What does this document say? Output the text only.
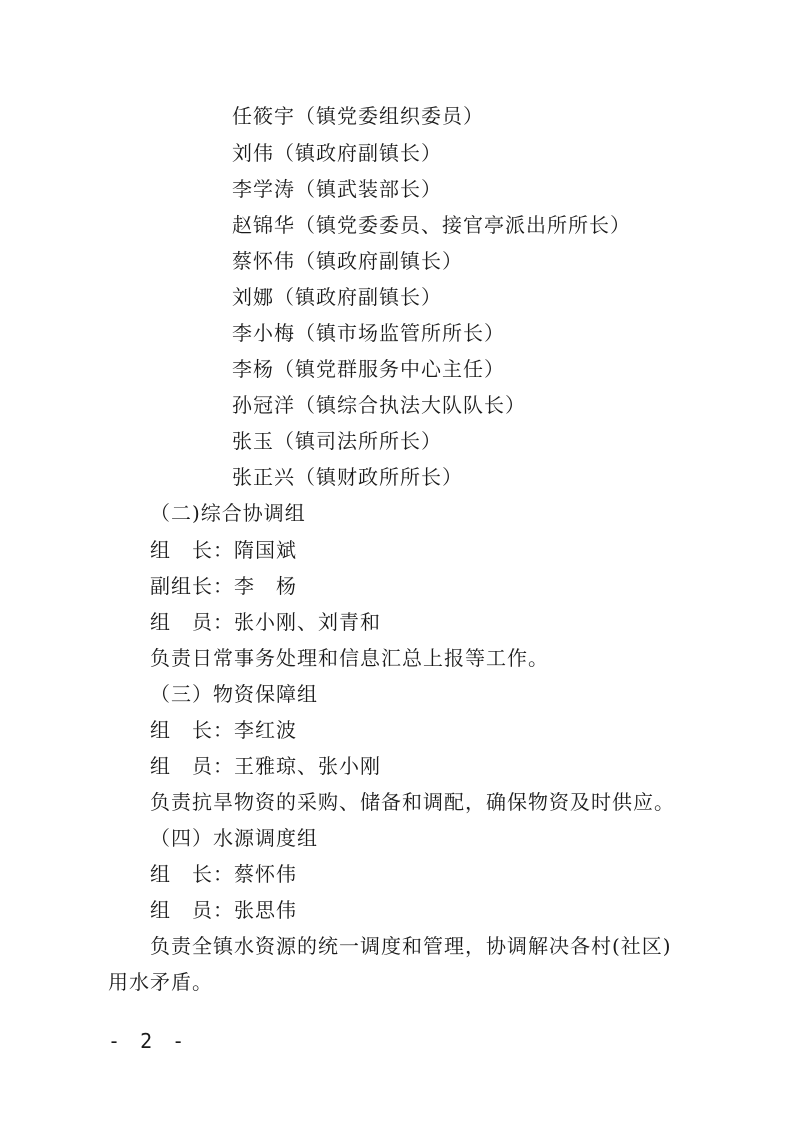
任筱宇（镇党委组织委员）
刘伟（镇政府副镇长）
李学涛（镇武装部长）
赵锦华（镇党委委员、接官亭派出所所长）
蔡怀伟（镇政府副镇长）
刘娜（镇政府副镇长）
李小梅（镇市场监管所所长）
李杨（镇党群服务中心主任）
孙冠洋（镇综合执法大队队长）
张玉（镇司法所所长）
张正兴（镇财政所所长）
（二)综合协调组
组　长：隋国斌
副组长：李　杨
组　员：张小刚、刘青和
负责日常事务处理和信息汇总上报等工作。
（三）物资保障组
组　长：李红波
组　员：王雅琼、张小刚
负责抗旱物资的采购、储备和调配，确保物资及时供应。
（四）水源调度组
组　长：蔡怀伟
组　员：张思伟
负责全镇水资源的统一调度和管理，协调解决各村(社区)
用水矛盾。
- 2 -
